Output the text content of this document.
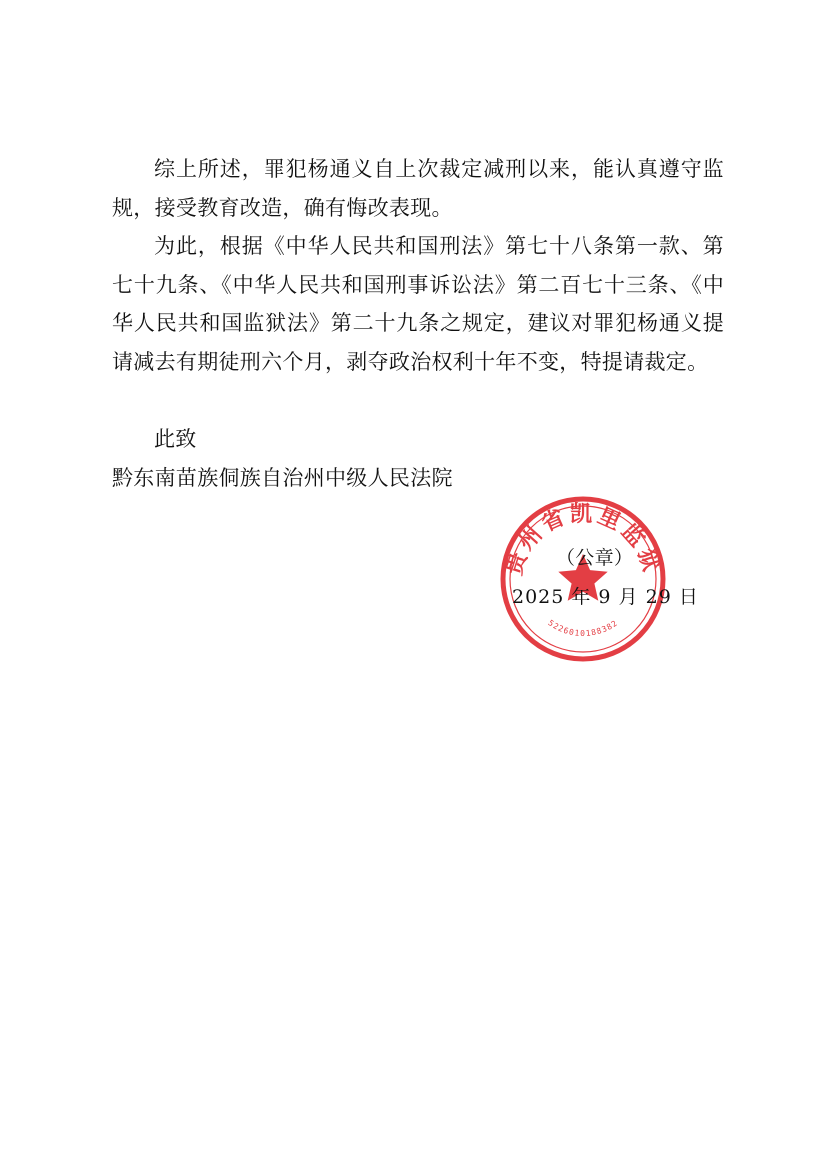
综上所述，罪犯杨通义自上次裁定减刑以来，能认真遵守监规，接受教育改造，确有悔改表现。

为此，根据《中华人民共和国刑法》第七十八条第一款、第七十九条、《中华人民共和国刑事诉讼法》第二百七十三条、《中华人民共和国监狱法》第二十九条之规定，建议对罪犯杨通义提请减去有期徒刑六个月，剥夺政治权利十年不变，特提请裁定。

此致
黔东南苗族侗族自治州中级人民法院
贵州省凯里监狱
5226010188382
（公章）
2025 年 9 月 29 日
